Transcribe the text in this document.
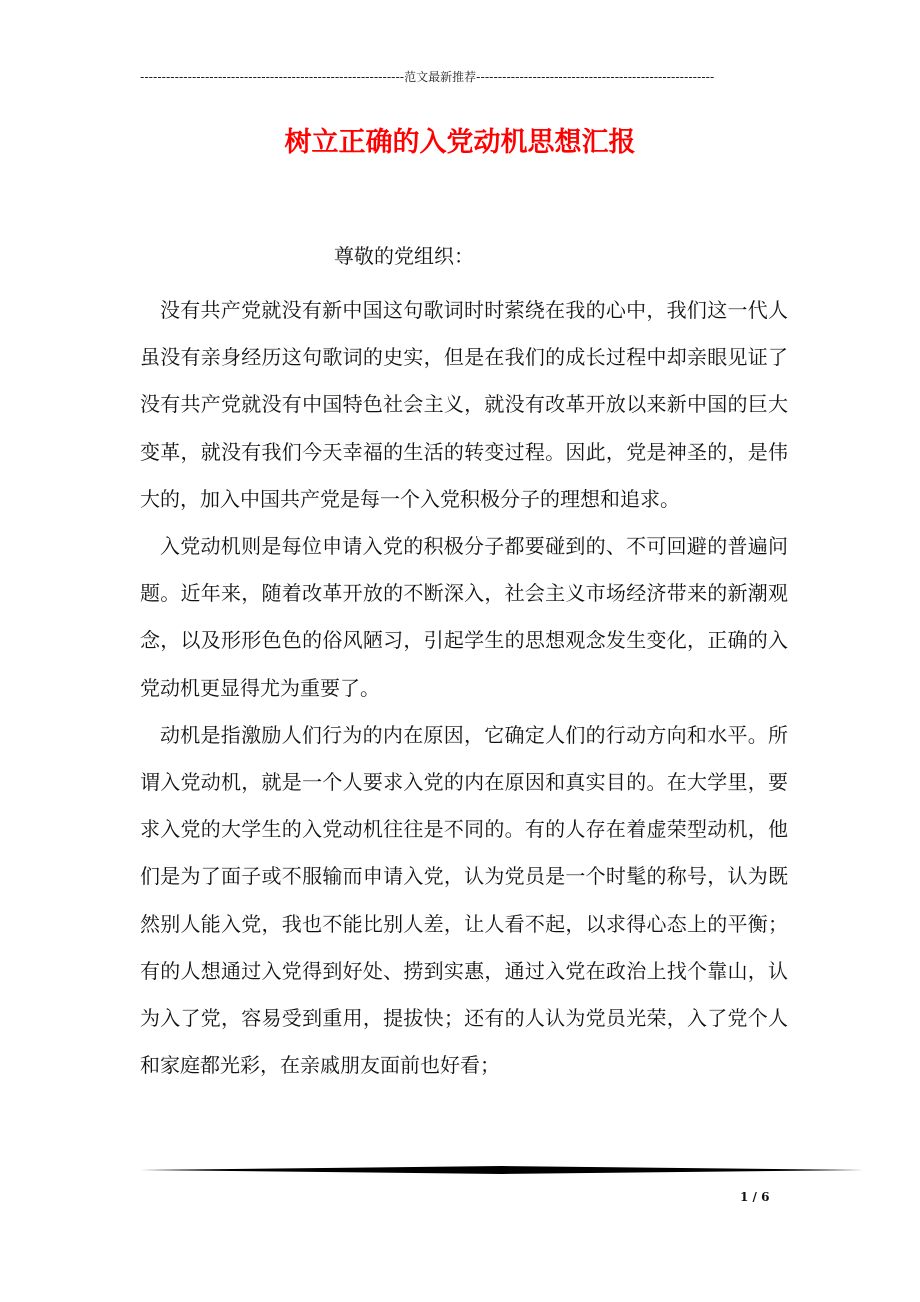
-------------------------------------------------------------范文最新推荐-------------------------------------------------------
树立正确的入党动机思想汇报
尊敬的党组织：

没有共产党就没有新中国这句歌词时时萦绕在我的心中，我们这一代人虽没有亲身经历这句歌词的史实，但是在我们的成长过程中却亲眼见证了没有共产党就没有中国特色社会主义，就没有改革开放以来新中国的巨大变革，就没有我们今天幸福的生活的转变过程。因此，党是神圣的，是伟大的，加入中国共产党是每一个入党积极分子的理想和追求。

入党动机则是每位申请入党的积极分子都要碰到的、不可回避的普遍问题。近年来，随着改革开放的不断深入，社会主义市场经济带来的新潮观念，以及形形色色的俗风陋习，引起学生的思想观念发生变化，正确的入党动机更显得尤为重要了。

动机是指激励人们行为的内在原因，它确定人们的行动方向和水平。所谓入党动机，就是一个人要求入党的内在原因和真实目的。在大学里，要求入党的大学生的入党动机往往是不同的。有的人存在着虚荣型动机，他们是为了面子或不服输而申请入党，认为党员是一个时髦的称号，认为既然别人能入党，我也不能比别人差，让人看不起，以求得心态上的平衡；有的人想通过入党得到好处、捞到实惠，通过入党在政治上找个靠山，认为入了党，容易受到重用，提拔快；还有的人认为党员光荣，入了党个人和家庭都光彩，在亲戚朋友面前也好看；

1 / 6
